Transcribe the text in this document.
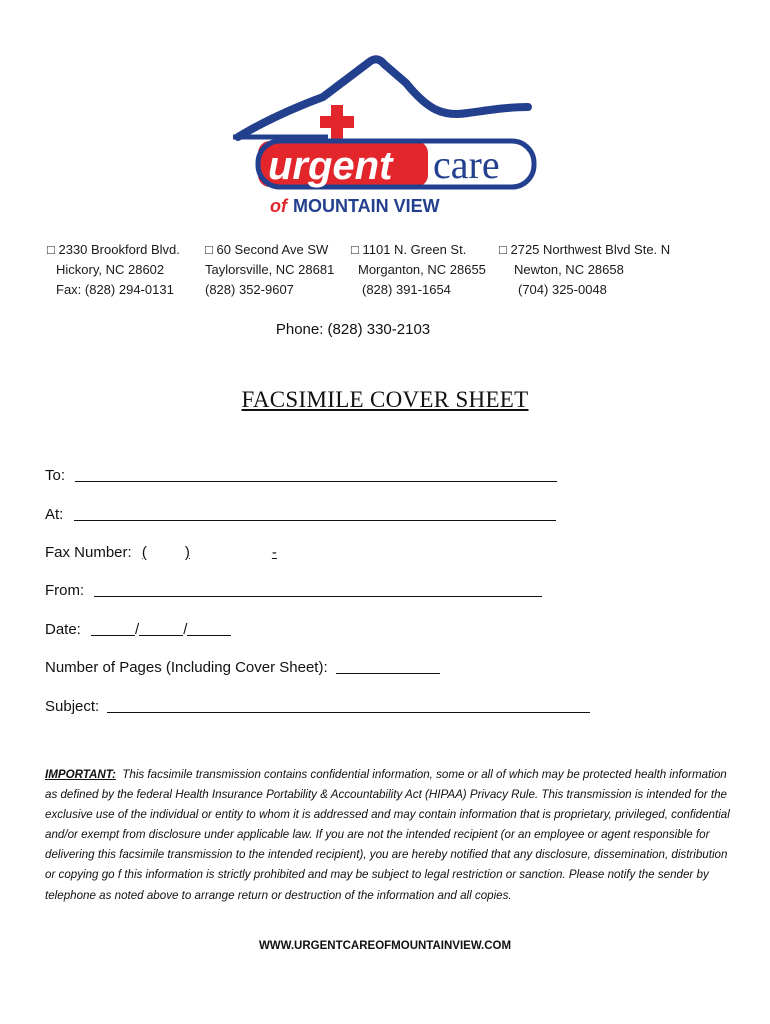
urgent care
of MOUNTAIN VIEW
□ 2330 Brookford Blvd.
Hickory, NC 28602
Fax: (828) 294-0131
□ 60 Second Ave SW
Taylorsville, NC 28681
(828) 352-9607
□ 1101 N. Green St.
Morganton, NC 28655
(828) 391-1654
□ 2725 Northwest Blvd Ste. N
Newton, NC 28658
(704) 325-0048
Phone: (828) 330-2103
FACSIMILE COVER SHEET
To:
At:
Fax Number: (	)	-
From:
Date:	/	/
Number of Pages (Including Cover Sheet):
Subject:
IMPORTANT: This facsimile transmission contains confidential information, some or all of which may be protected health information as defined by the federal Health Insurance Portability & Accountability Act (HIPAA) Privacy Rule. This transmission is intended for the exclusive use of the individual or entity to whom it is addressed and may contain information that is proprietary, privileged, confidential and/or exempt from disclosure under applicable law. If you are not the intended recipient (or an employee or agent responsible for delivering this facsimile transmission to the intended recipient), you are hereby notified that any disclosure, dissemination, distribution or copying go f this information is strictly prohibited and may be subject to legal restriction or sanction. Please notify the sender by telephone as noted above to arrange return or destruction of the information and all copies.
WWW.URGENTCAREOFMOUNTAINVIEW.COM
